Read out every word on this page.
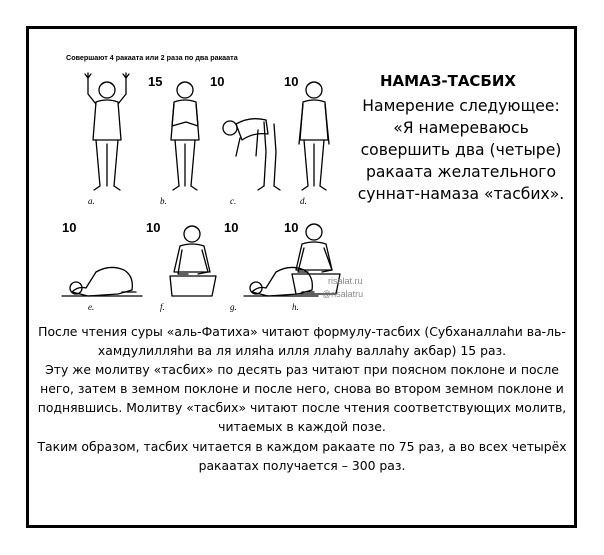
Совершают 4 ракаата или 2 раза по два ракаата
15	10	10
10	10	10	10
a.	b.	c.	d.
e.	f.	g.	h.
risalat.ru
@risalatru
НАМАЗ-ТАСБИХ
Намерение следующее: «Я намереваюсь совершить два (четыре) ракаата желательного суннат-намаза «тасбих».

После чтения суры «аль-Фатиха» читают формулу-тасбих (Субханаллаhи ва-ль-хамдулилляhи ва ля иляhа илля ллаhу валлаhу акбар) 15 раз.

Эту же молитву «тасбих» по десять раз читают при поясном поклоне и после него, затем в земном поклоне и после него, снова во втором земном поклоне и поднявшись. Молитву «тасбих» читают после чтения соответствующих молитв, читаемых в каждой позе.

Таким образом, тасбих читается в каждом ракаате по 75 раз, а во всех четырёх ракаатах получается – 300 раз.
